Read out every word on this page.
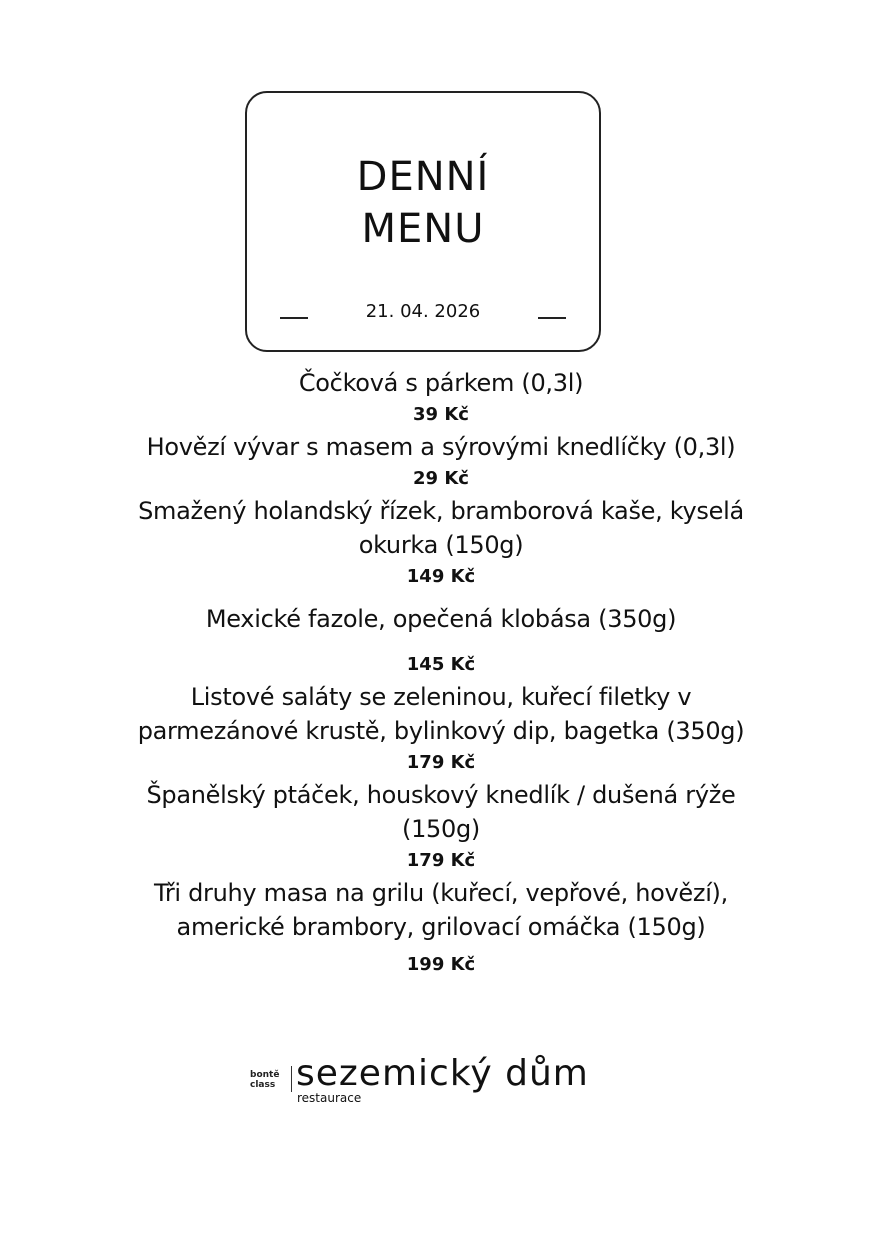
DENNÍ
MENU
21. 04. 2026
Čočková s párkem (0,3l)
39 Kč
Hovězí vývar s masem a sýrovými knedlíčky (0,3l)
29 Kč
Smažený holandský řízek, bramborová kaše, kyselá okurka (150g)
149 Kč
Mexické fazole, opečená klobása (350g)
145 Kč
Listové saláty se zeleninou, kuřecí filetky v parmezánové krustě, bylinkový dip, bagetka (350g)
179 Kč
Španělský ptáček, houskový knedlík / dušená rýže (150g)
179 Kč
Tři druhy masa na grilu (kuřecí, vepřové, hovězí), americké brambory, grilovací omáčka (150g)
199 Kč
bontě
class sezemický dům
restaurace
